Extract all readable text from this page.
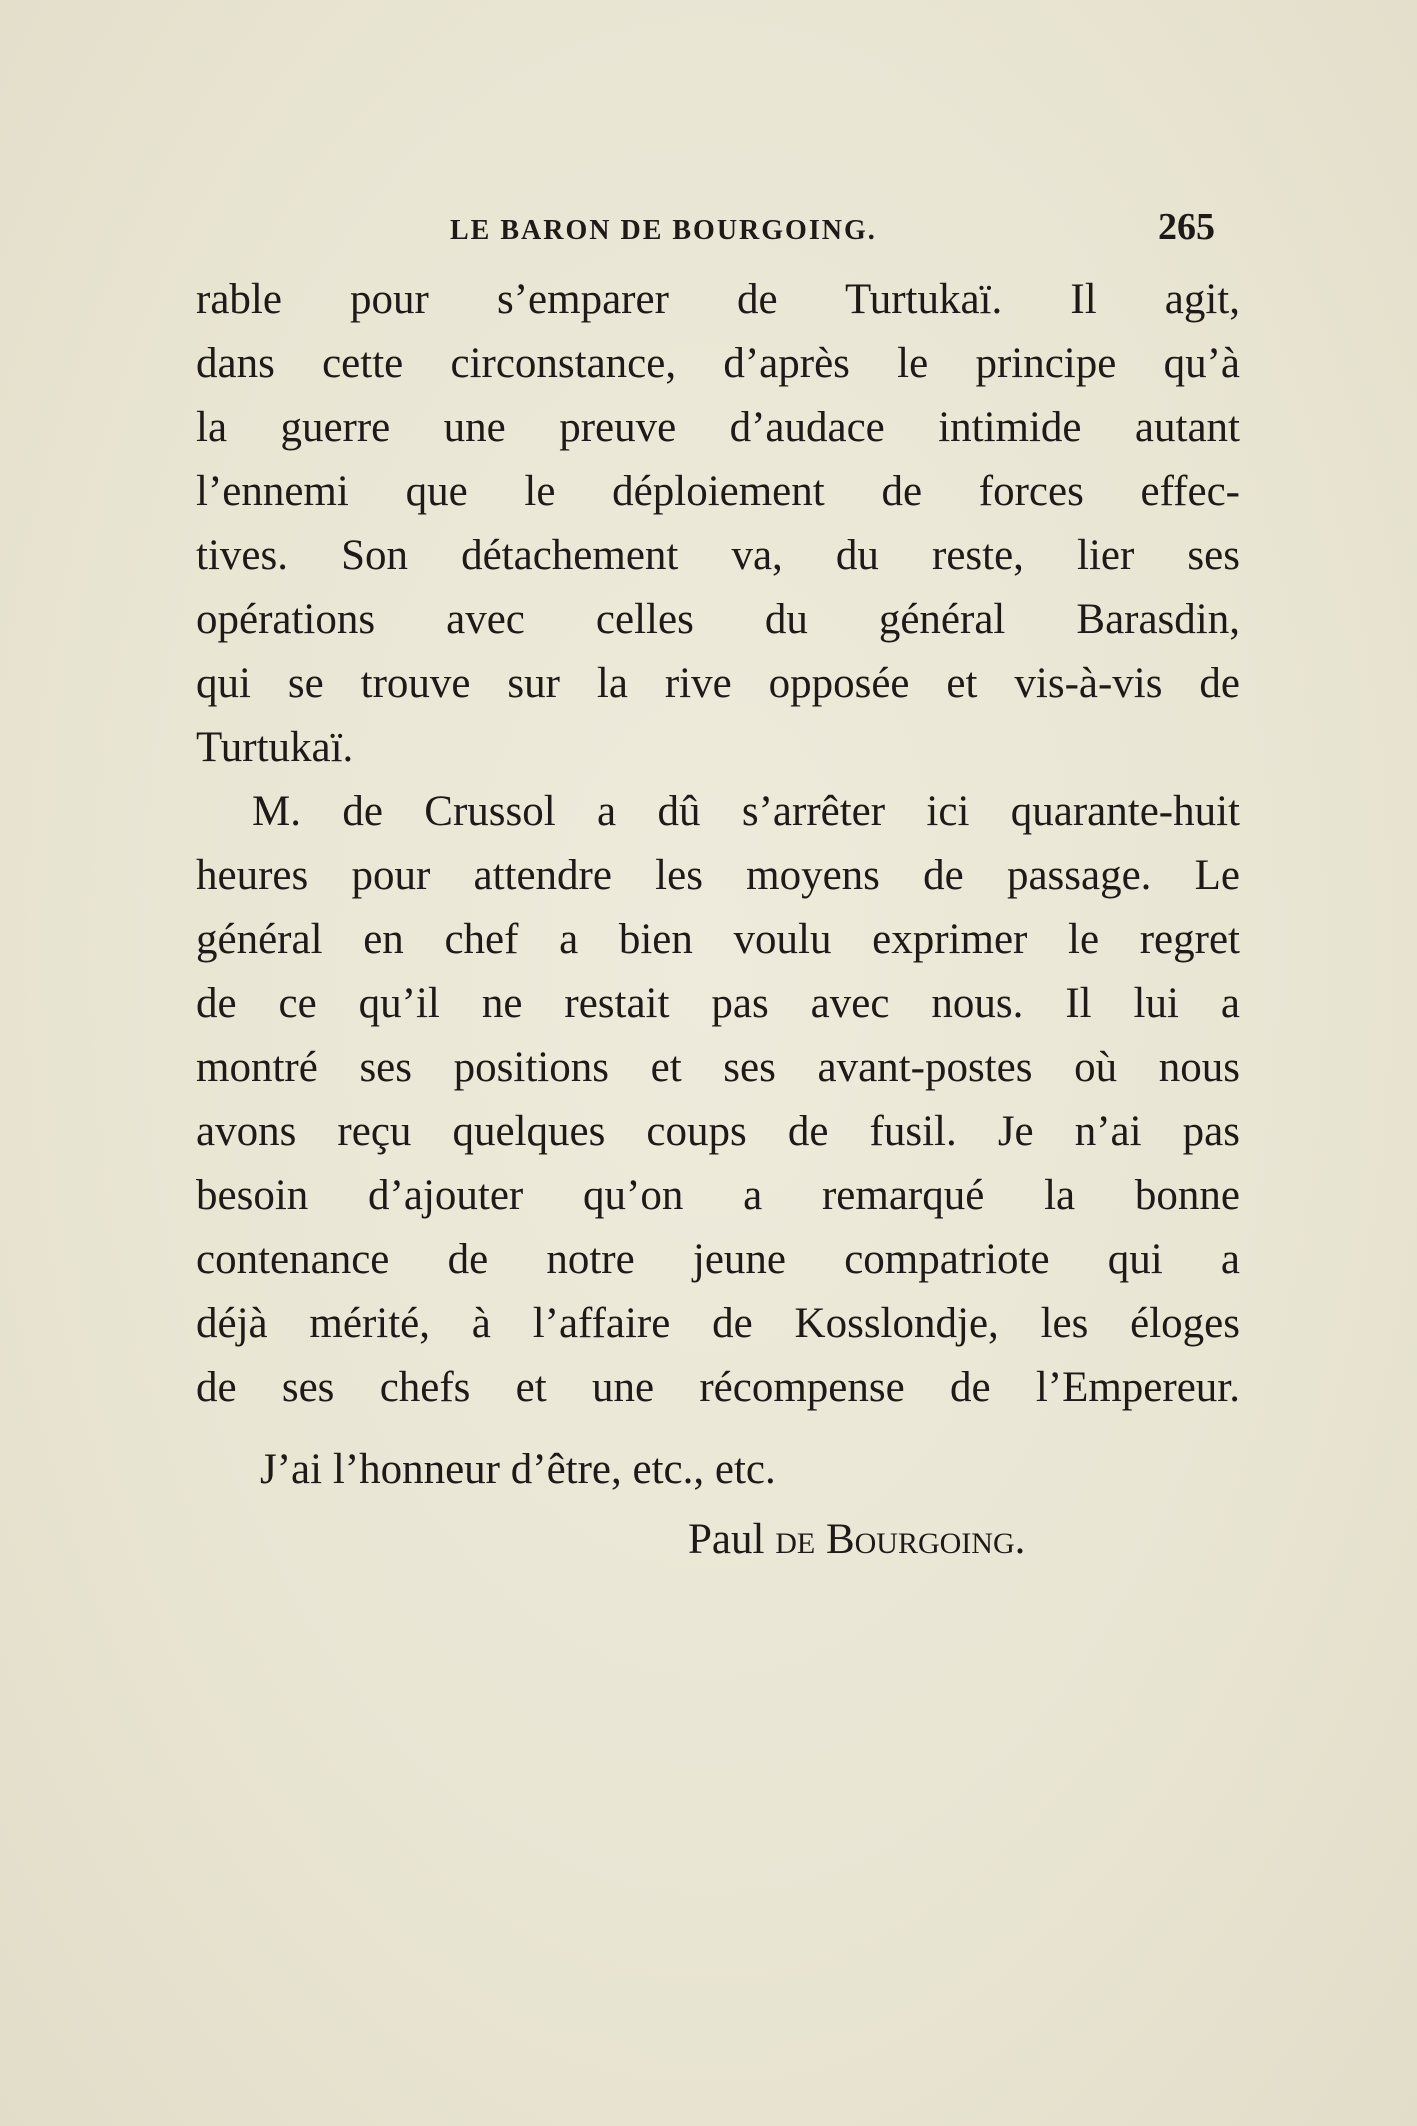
LE BARON DE BOURGOING.	265
rable pour s’emparer de Turtukaï. Il agit,
dans cette circonstance, d’après le principe qu’à
la guerre une preuve d’audace intimide autant
l’ennemi que le déploiement de forces effec-
tives. Son détachement va, du reste, lier ses
opérations avec celles du général Barasdin,
qui se trouve sur la rive opposée et vis-à-vis de
Turtukaï.
M. de Crussol a dû s’arrêter ici quarante-huit
heures pour attendre les moyens de passage. Le
général en chef a bien voulu exprimer le regret
de ce qu’il ne restait pas avec nous. Il lui a
montré ses positions et ses avant-postes où nous
avons reçu quelques coups de fusil. Je n’ai pas
besoin d’ajouter qu’on a remarqué la bonne
contenance de notre jeune compatriote qui a
déjà mérité, à l’affaire de Kosslondje, les éloges
de ses chefs et une récompense de l’Empereur.
J’ai l’honneur d’être, etc., etc.
Paul de Bourgoing.
